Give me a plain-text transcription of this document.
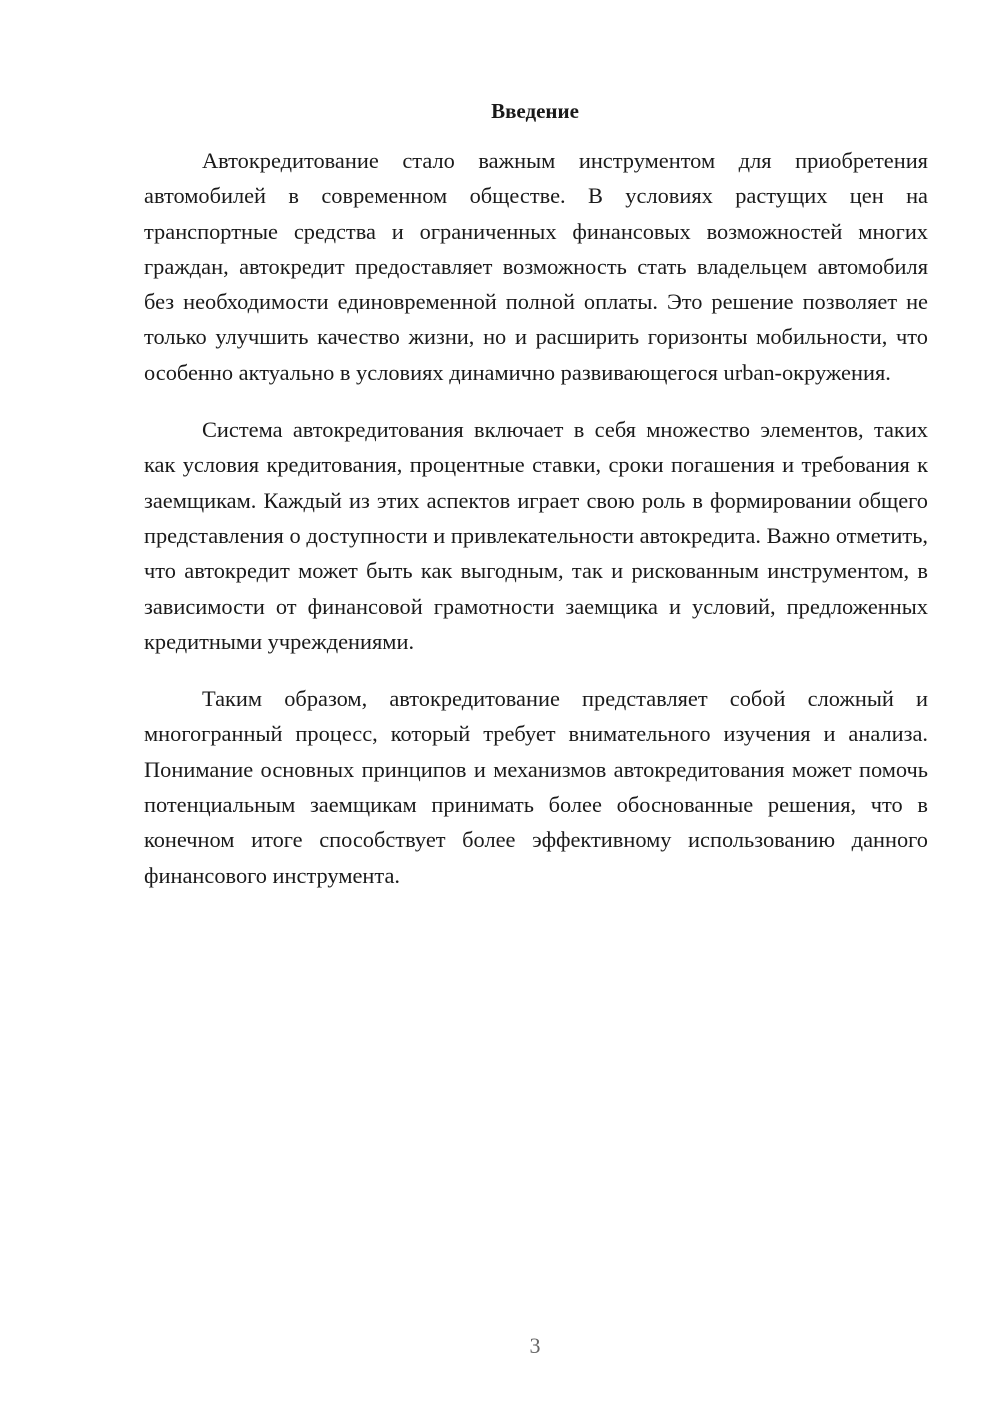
Введение

Автокредитование стало важным инструментом для приобретения автомобилей в современном обществе. В условиях растущих цен на транспортные средства и ограниченных финансовых возможностей многих граждан, автокредит предоставляет возможность стать владельцем автомобиля без необходимости единовременной полной оплаты. Это решение позволяет не только улучшить качество жизни, но и расширить горизонты мобильности, что особенно актуально в условиях динамично развивающегося urban-окружения.

Система автокредитования включает в себя множество элементов, таких как условия кредитования, процентные ставки, сроки погашения и требования к заемщикам. Каждый из этих аспектов играет свою роль в формировании общего представления о доступности и привлекательности автокредита. Важно отметить, что автокредит может быть как выгодным, так и рискованным инструментом, в зависимости от финансовой грамотности заемщика и условий, предложенных кредитными учреждениями.

Таким образом, автокредитование представляет собой сложный и многогранный процесс, который требует внимательного изучения и анализа. Понимание основных принципов и механизмов автокредитования может помочь потенциальным заемщикам принимать более обоснованные решения, что в конечном итоге способствует более эффективному использованию данного финансового инструмента.

3
